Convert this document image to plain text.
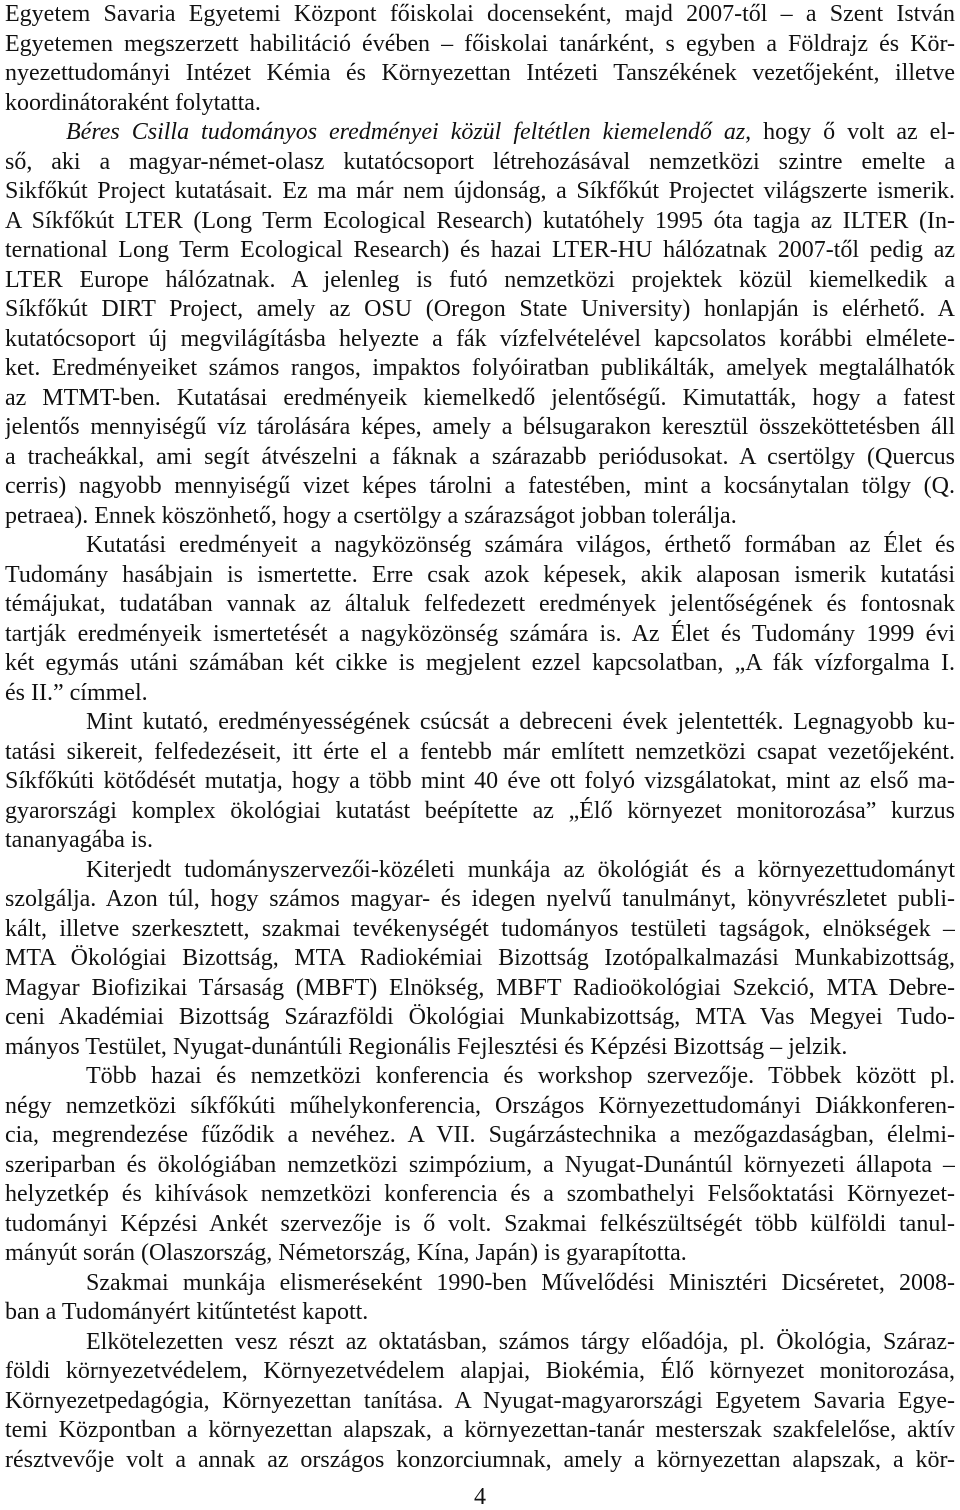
Egyetem Savaria Egyetemi Központ főiskolai docenseként, majd 2007-től – a Szent István
Egyetemen megszerzett habilitáció évében – főiskolai tanárként, s egyben a Földrajz és Kör-
nyezettudományi Intézet Kémia és Környezettan Intézeti Tanszékének vezetőjeként, illetve
koordinátoraként folytatta.
Béres Csilla tudományos eredményei közül feltétlen kiemelendő az, hogy ő volt az el-
ső, aki a magyar-német-olasz kutatócsoport létrehozásával nemzetközi szintre emelte a
Sikfőkút Project kutatásait. Ez ma már nem újdonság, a Síkfőkút Projectet világszerte ismerik.
A Síkfőkút LTER (Long Term Ecological Research) kutatóhely 1995 óta tagja az ILTER (In-
ternational Long Term Ecological Research) és hazai LTER-HU hálózatnak 2007-től pedig az
LTER Europe hálózatnak. A jelenleg is futó nemzetközi projektek közül kiemelkedik a
Síkfőkút DIRT Project, amely az OSU (Oregon State University) honlapján is elérhető. A
kutatócsoport új megvilágításba helyezte a fák vízfelvételével kapcsolatos korábbi elmélete-
ket. Eredményeiket számos rangos, impaktos folyóiratban publikálták, amelyek megtalálhatók
az MTMT-ben. Kutatásai eredményeik kiemelkedő jelentőségű. Kimutatták, hogy a fatest
jelentős mennyiségű víz tárolására képes, amely a bélsugarakon keresztül összeköttetésben áll
a tracheákkal, ami segít átvészelni a fáknak a szárazabb periódusokat. A csertölgy (Quercus
cerris) nagyobb mennyiségű vizet képes tárolni a fatestében, mint a kocsánytalan tölgy (Q.
petraea). Ennek köszönhető, hogy a csertölgy a szárazságot jobban tolerálja.
Kutatási eredményeit a nagyközönség számára világos, érthető formában az Élet és
Tudomány hasábjain is ismertette. Erre csak azok képesek, akik alaposan ismerik kutatási
témájukat, tudatában vannak az általuk felfedezett eredmények jelentőségének és fontosnak
tartják eredményeik ismertetését a nagyközönség számára is. Az Élet és Tudomány 1999 évi
két egymás utáni számában két cikke is megjelent ezzel kapcsolatban, „A fák vízforgalma I.
és II.” címmel.
Mint kutató, eredményességének csúcsát a debreceni évek jelentették. Legnagyobb ku-
tatási sikereit, felfedezéseit, itt érte el a fentebb már említett nemzetközi csapat vezetőjeként.
Síkfőkúti kötődését mutatja, hogy a több mint 40 éve ott folyó vizsgálatokat, mint az első ma-
gyarországi komplex ökológiai kutatást beépítette az „Élő környezet monitorozása” kurzus
tananyagába is.
Kiterjedt tudományszervezői-közéleti munkája az ökológiát és a környezettudományt
szolgálja. Azon túl, hogy számos magyar- és idegen nyelvű tanulmányt, könyvrészletet publi-
kált, illetve szerkesztett, szakmai tevékenységét tudományos testületi tagságok, elnökségek –
MTA Ökológiai Bizottság, MTA Radiokémiai Bizottság Izotópalkalmazási Munkabizottság,
Magyar Biofizikai Társaság (MBFT) Elnökség, MBFT Radioökológiai Szekció, MTA Debre-
ceni Akadémiai Bizottság Szárazföldi Ökológiai Munkabizottság, MTA Vas Megyei Tudo-
mányos Testület, Nyugat-dunántúli Regionális Fejlesztési és Képzési Bizottság – jelzik.
Több hazai és nemzetközi konferencia és workshop szervezője. Többek között pl.
négy nemzetközi síkfőkúti műhelykonferencia, Országos Környezettudományi Diákkonferen-
cia, megrendezése fűződik a nevéhez. A VII. Sugárzástechnika a mezőgazdaságban, élelmi-
szeriparban és ökológiában nemzetközi szimpózium, a Nyugat-Dunántúl környezeti állapota –
helyzetkép és kihívások nemzetközi konferencia és a szombathelyi Felsőoktatási Környezet-
tudományi Képzési Ankét szervezője is ő volt. Szakmai felkészültségét több külföldi tanul-
mányút során (Olaszország, Németország, Kína, Japán) is gyarapította.
Szakmai munkája elismeréseként 1990-ben Művelődési Minisztéri Dicséretet, 2008-
ban a Tudományért kitűntetést kapott.
Elkötelezetten vesz részt az oktatásban, számos tárgy előadója, pl. Ökológia, Száraz-
földi környezetvédelem, Környezetvédelem alapjai, Biokémia, Élő környezet monitorozása,
Környezetpedagógia, Környezettan tanítása. A Nyugat-magyarországi Egyetem Savaria Egye-
temi Központban a környezettan alapszak, a környezettan-tanár mesterszak szakfelelőse, aktív
résztvevője volt a annak az országos konzorciumnak, amely a környezettan alapszak, a kör-
4
